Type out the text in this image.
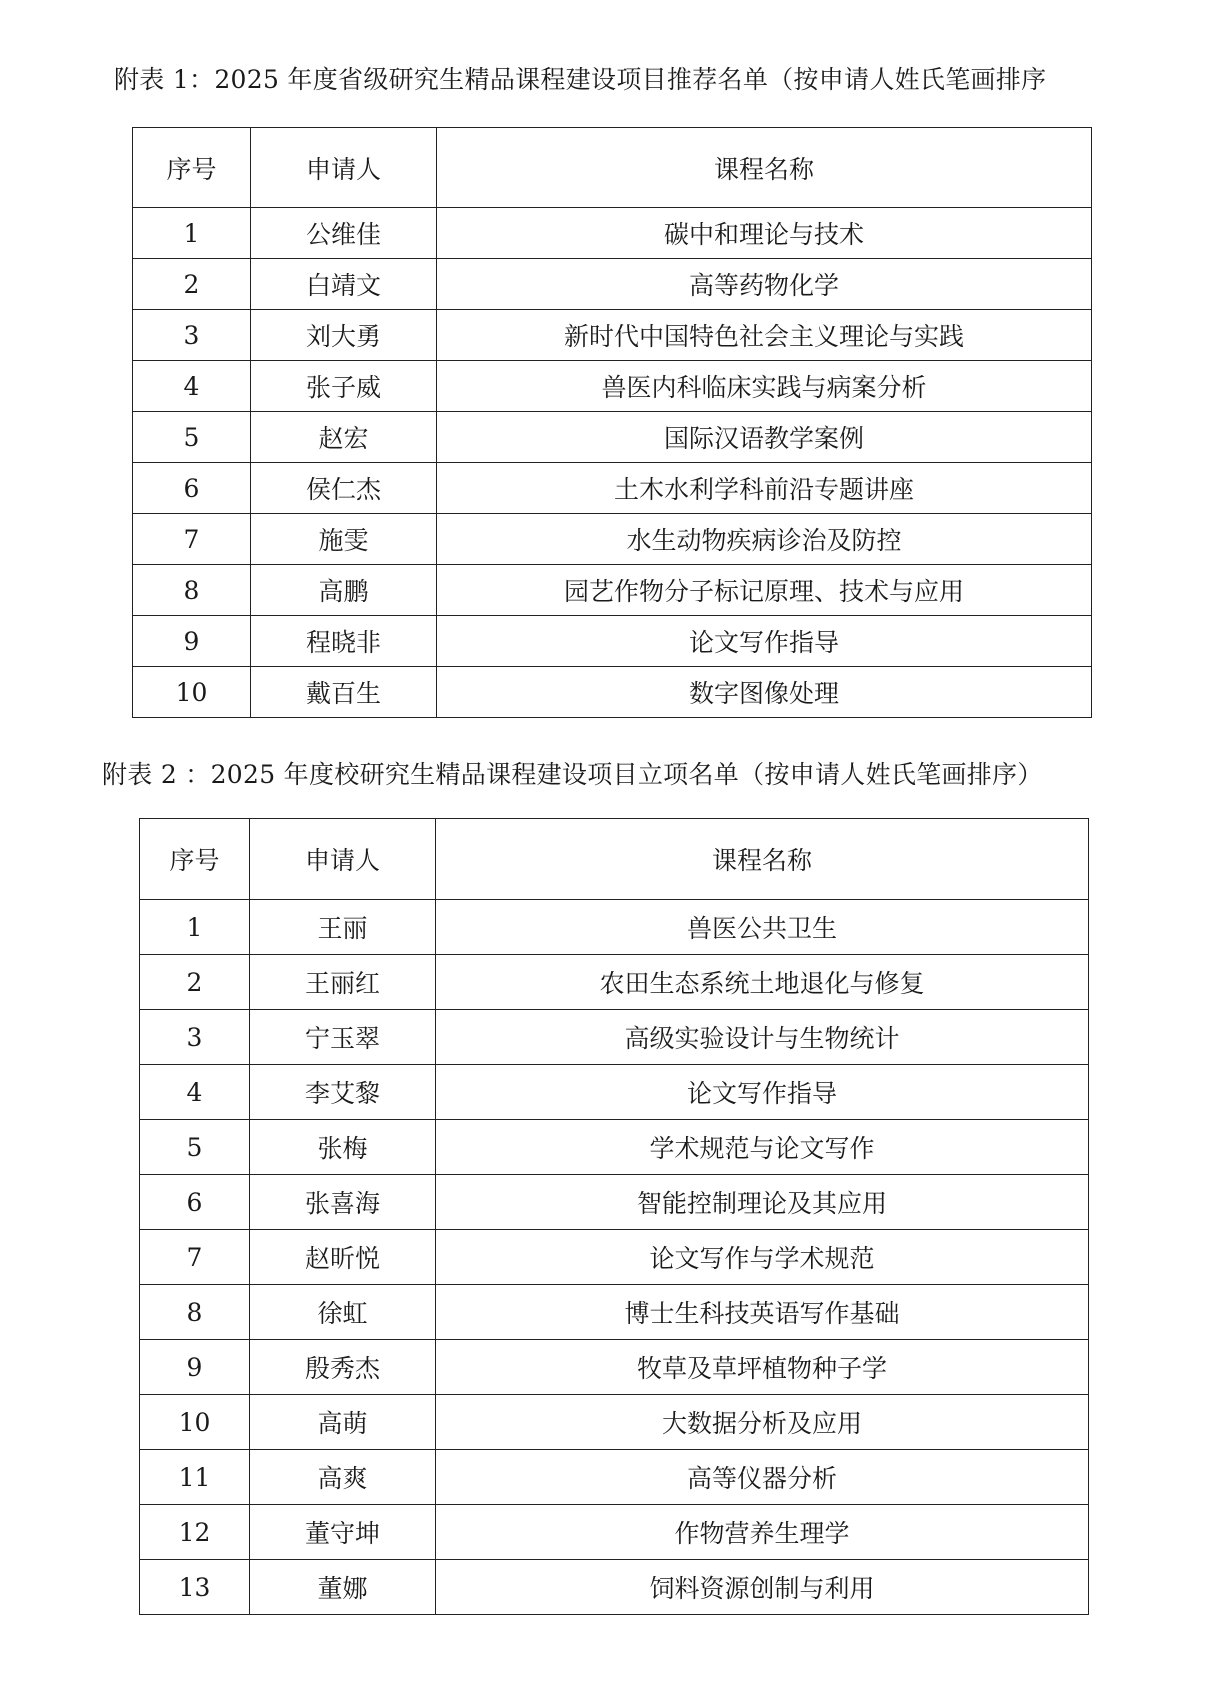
附表 1：2025 年度省级研究生精品课程建设项目推荐名单（按申请人姓氏笔画排序
序号	申请人	课程名称
1	公维佳	碳中和理论与技术
2	白靖文	高等药物化学
3	刘大勇	新时代中国特色社会主义理论与实践
4	张子威	兽医内科临床实践与病案分析
5	赵宏	国际汉语教学案例
6	侯仁杰	土木水利学科前沿专题讲座
7	施雯	水生动物疾病诊治及防控
8	高鹏	园艺作物分子标记原理、技术与应用
9	程晓非	论文写作指导
10	戴百生	数字图像处理
附表 2 ：2025 年度校研究生精品课程建设项目立项名单（按申请人姓氏笔画排序）
序号	申请人	课程名称
1	王丽	兽医公共卫生
2	王丽红	农田生态系统土地退化与修复
3	宁玉翠	高级实验设计与生物统计
4	李艾黎	论文写作指导
5	张梅	学术规范与论文写作
6	张喜海	智能控制理论及其应用
7	赵昕悦	论文写作与学术规范
8	徐虹	博士生科技英语写作基础
9	殷秀杰	牧草及草坪植物种子学
10	高萌	大数据分析及应用
11	高爽	高等仪器分析
12	董守坤	作物营养生理学
13	董娜	饲料资源创制与利用
